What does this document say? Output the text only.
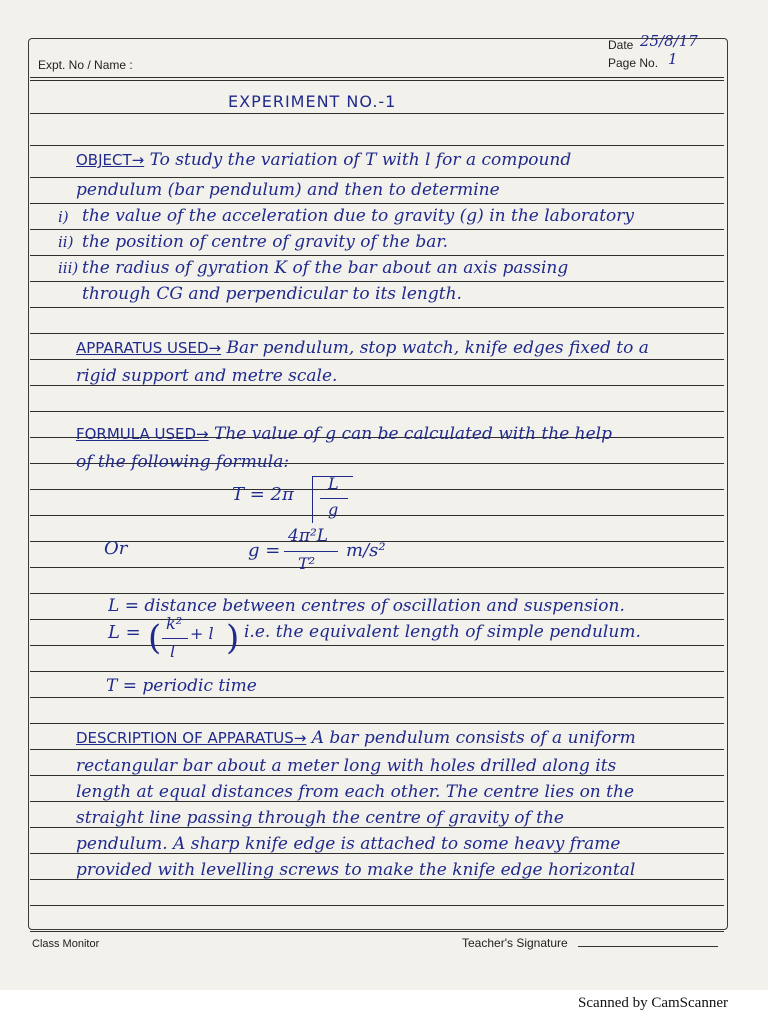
Expt. No / Name :
Date 25/8/17
Page No. 1
EXPERIMENT NO.-1
OBJECT→ To study the variation of T with l for a compound
pendulum (bar pendulum) and then to determine
i) the value of the acceleration due to gravity (g) in the laboratory
ii) the position of centre of gravity of the bar.
iii) the radius of gyration K of the bar about an axis passing
through CG and perpendicular to its length.
APPARATUS USED→ Bar pendulum, stop watch, knife edges fixed to a
rigid support and metre scale.
FORMULA USED→ The value of g can be calculated with the help
of the following formula:
T = 2π
L
g
Or	g =
4π²L
T²
m/s²
L = distance between centres of oscillation and suspension.
L = ( k²
l
+ l ) i.e. the equivalent length of simple pendulum.
T = periodic time
DESCRIPTION OF APPARATUS→ A bar pendulum consists of a uniform
rectangular bar about a meter long with holes drilled along its
length at equal distances from each other. The centre lies on the
straight line passing through the centre of gravity of the
pendulum. A sharp knife edge is attached to some heavy frame
provided with levelling screws to make the knife edge horizontal
Class Monitor	Teacher's Signature
Scanned by CamScanner
